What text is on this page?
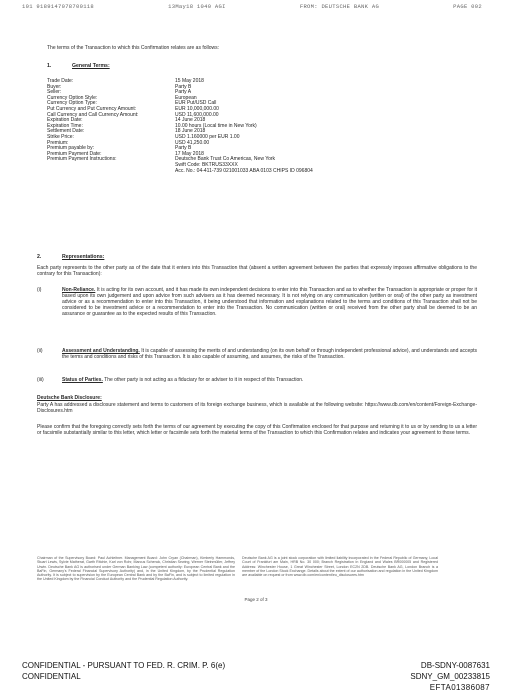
101 9189147078700118	13May18 1040 AGI	FROM: DEUTSCHE BANK AG	PAGE 002
The terms of the Transaction to which this Confirmation relates are as follows:
1.	General Terms:
Trade Date:	15 May 2018
Buyer:	Party B
Seller:	Party A
Currency Option Style:	European
Currency Option Type:	EUR Put/USD Call
Put Currency and Put Currency Amount:	EUR 10,000,000.00
Call Currency and Call Currency Amount:	USD 11,600,000.00
Expiration Date:	14 June 2018
Expiration Time:	10.00 hours (Local time in New York)
Settlement Date:	18 June 2018
Strike Price:	USD 1.160000 per EUR 1.00
Premium:	USD 41,250.00
Premium payable by:	Party B
Premium Payment Date:	17 May 2018
Premium Payment Instructions:	Deutsche Bank Trust Co Americas, New York
Swift Code: BKTRUS33XXX
Acc. No.: 04-411-739 021001033 ABA 0103 CHIPS ID 096804
2.	Representations:
Each party represents to the other party as of the date that it enters into this Transaction that (absent a written agreement between the parties that expressly imposes affirmative obligations to the contrary for this Transaction):
(i)	Non-Reliance. It is acting for its own account, and it has made its own independent decisions to enter into this Transaction and as to whether the Transaction is appropriate or proper for it based upon its own judgement and upon advice from such advisers as it has deemed necessary. It is not relying on any communication (written or oral) of the other party as investment advice or as a recommendation to enter into this Transaction, it being understood that information and explanations related to the terms and conditions of this Transaction shall not be considered to be investment advice or a recommendation to enter into the Transaction. No communication (written or oral) received from the other party shall be deemed to be an assurance or guarantee as to the expected results of this Transaction.
(ii)	Assessment and Understanding. It is capable of assessing the merits of and understanding (on its own behalf or through independent professional advice), and understands and accepts the terms and conditions and risks of this Transaction. It is also capable of assuming, and assumes, the risks of the Transaction.
(iii)	Status of Parties. The other party is not acting as a fiduciary for or adviser to it in respect of this Transaction.
Deutsche Bank Disclosure:
Party A has addressed a disclosure statement and terms to customers of its foreign exchange business, which is available at the following website: https://www.db.com/en/content/Foreign-Exchange-Disclosures.htm
Please confirm that the foregoing correctly sets forth the terms of our agreement by executing the copy of this Confirmation enclosed for that purpose and returning it to us or by sending to us a letter or facsimile substantially similar to this letter, which letter or facsimile sets forth the material terms of the Transaction to which this Confirmation relates and indicates your agreement to those terms.
Chairman of the Supervisory Board: Paul Achleitner. Management Board: John Cryan (Chairman), Kimberly Hammonds, Stuart Lewis, Sylvie Matherat, Garth Ritchie, Karl von Rohr, Marcus Schenck, Christian Sewing, Werner Steinmüller, Jeffrey Urwin. Deutsche Bank AG is authorised under German Banking Law (competent authority: European Central Bank and the BaFin, Germany's Federal Financial Supervisory Authority) and, in the United Kingdom, by the Prudential Regulation Authority. It is subject to supervision by the European Central Bank and by the BaFin, and is subject to limited regulation in the United Kingdom by the Financial Conduct Authority and the Prudential Regulation Authority.
Deutsche Bank AG is a joint stock corporation with limited liability incorporated in the Federal Republic of Germany, Local Court of Frankfurt am Main, HRB No. 30 000; Branch Registration in England and Wales BR000005 and Registered Address: Winchester House, 1 Great Winchester Street, London EC2N 2DB. Deutsche Bank AG, London Branch is a member of the London Stock Exchange. Details about the extent of our authorisation and regulation in the United Kingdom are available on request or from www.db.com/en/content/eu_disclosures.htm
Page 2 of 3
CONFIDENTIAL - PURSUANT TO FED. R. CRIM. P. 6(e)
CONFIDENTIAL
DB-SDNY-0087631
SDNY_GM_00233815
EFTA01386087
